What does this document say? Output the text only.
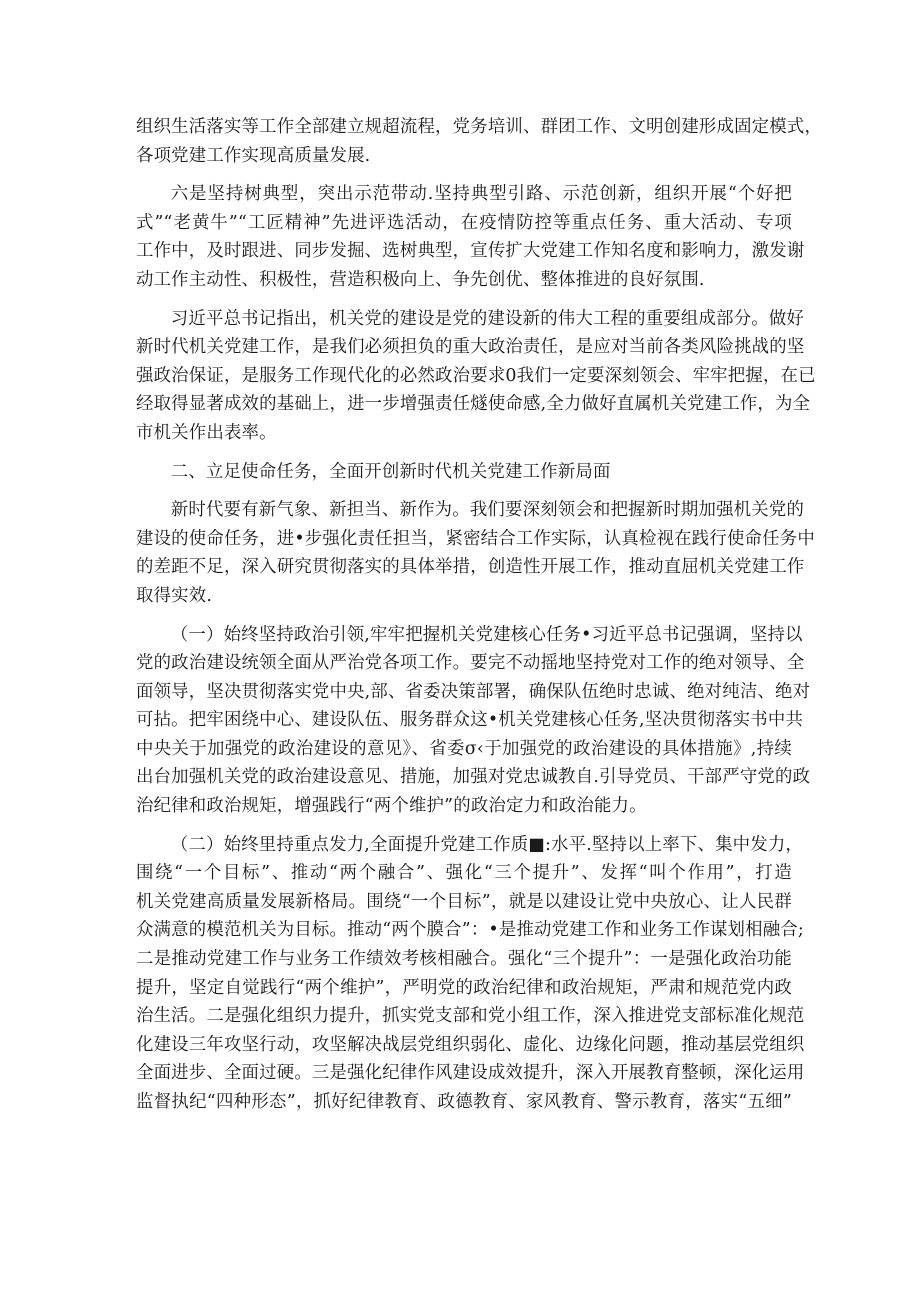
组织生活落实等工作全部建立规超流程，党务培训、群团工作、文明创建形成固定模式，
各项党建工作实现高质量发展.
六是坚持树典型，突出示范带动.坚持典型引路、示范创新，组织开展“个好把
式”“老黄牛”“工匠精神”先进评选活动，在疫情防控等重点任务、重大活动、专项
工作中，及时跟进、同步发掘、选树典型，宣传扩大党建工作知名度和影响力，激发谢
动工作主动性、积极性，营造积极向上、争先创优、整体推进的良好氛围.
习近平总书记指出，机关党的建设是党的建设新的伟大工程的重要组成部分。做好
新时代机关党建工作，是我们必须担负的重大政治责任，是应对当前各类风险挑战的坚
强政治保证，是服务工作现代化的必然政治要求0我们一定要深刻领会、牢牢把握，在已
经取得显著成效的基础上，进一步增强责任燧使命感,全力做好直属机关党建工作，为全
市机关作出表率。
二、立足使命任务，全面开创新时代机关党建工作新局面
新时代要有新气象、新担当、新作为。我们要深刻领会和把握新时期加强机关党的
建设的使命任务，进•步强化责任担当，紧密结合工作实际，认真检视在践行使命任务中
的差距不足，深入研究贯彻落实的具体举措，创造性开展工作，推动直屈机关党建工作
取得实效.
（一）始终坚持政治引领,牢牢把握机关党建核心任务•习近平总书记强调，坚持以
党的政治建设统领全面从严治党各项工作。要完不动摇地坚持党对工作的绝对领导、全
面领导，坚决贯彻落实党中央,部、省委决策部署，确保队伍绝时忠诚、绝对纯洁、绝对
可拈。把牢困绕中心、建设队伍、服务群众这•机关党建核心任务,坚决贯彻落实书中共
中央关于加强党的政治建设的意见》、省委σ‹于加强党的政治建设的具体措施》,持续
出台加强机关党的政治建设意见、措施，加强对党忠诚教自.引导党员、干部严守党的政
治纪律和政治规矩，增强践行“两个维护”的政治定力和政治能力。
（二）始终里持重点发力,全面提升党建工作质■:水平.堅持以上率下、集中发力，
围绕“一个目标”、推动“两个融合”、强化“三个提升”、发挥“叫个作用”，打造
机关党建高质量发展新格局。围绕“一个目标”，就是以建设让党中央放心、让人民群
众满意的模范机关为目标。推动“两个膜合”：•是推动党建工作和业务工作谋划相融合;
二是推动党建工作与业务工作绩效考核相融合。强化“三个提升”：一是强化政治功能
提升，坚定自觉践行“两个维护”，严明党的政治纪律和政治规矩，严肃和规范党内政
治生活。二是强化组织力提升，抓实党支部和党小组工作，深入推进党支部标准化规范
化建设三年攻坚行动，攻坚解决战层党组织弱化、虚化、边缘化问题，推动基层党组织
全面进步、全面过硬。三是强化纪律作风建设成效提升，深入开展教育整顿，深化运用
监督执纪“四种形态”，抓好纪律教育、政德教育、家风教育、警示教育，落实“五细”
